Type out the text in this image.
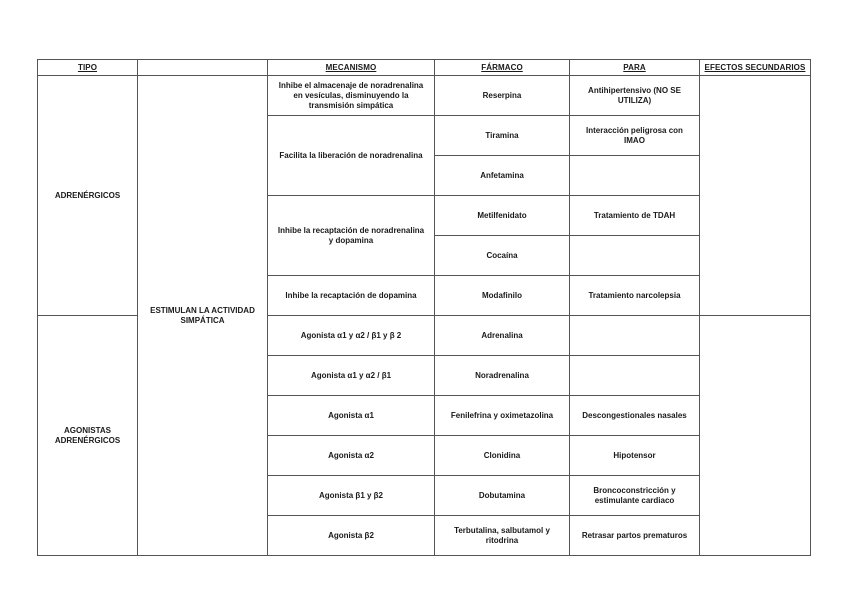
TIPO		MECANISMO	FÁRMACO	PARA	EFECTOS SECUNDARIOS
ADRENÉRGICOS	ESTIMULAN LA ACTIVIDAD SIMPÁTICA	Inhibe el almacenaje de noradrenalina en vesículas, disminuyendo la transmisión simpática	Reserpina	Antihipertensivo (NO SE UTILIZA)	
		Facilita la liberación de noradrenalina	Tiramina	Interacción peligrosa con IMAO	
			Anfetamina		
		Inhibe la recaptación de noradrenalina y dopamina	Metilfenidato	Tratamiento de TDAH	
			Cocaína		
		Inhibe la recaptación de dopamina	Modafinilo	Tratamiento narcolepsia	
AGONISTAS ADRENÉRGICOS		Agonista α1 y α2 / β1 y β 2	Adrenalina		
		Agonista α1 y α2 / β1	Noradrenalina		
		Agonista α1	Fenilefrina y oximetazolina	Descongestionales nasales	
		Agonista α2	Clonidina	Hipotensor	
		Agonista β1 y β2	Dobutamina	Broncoconstricción y estimulante cardiaco	
		Agonista β2	Terbutalina, salbutamol y ritodrina	Retrasar partos prematuros	
